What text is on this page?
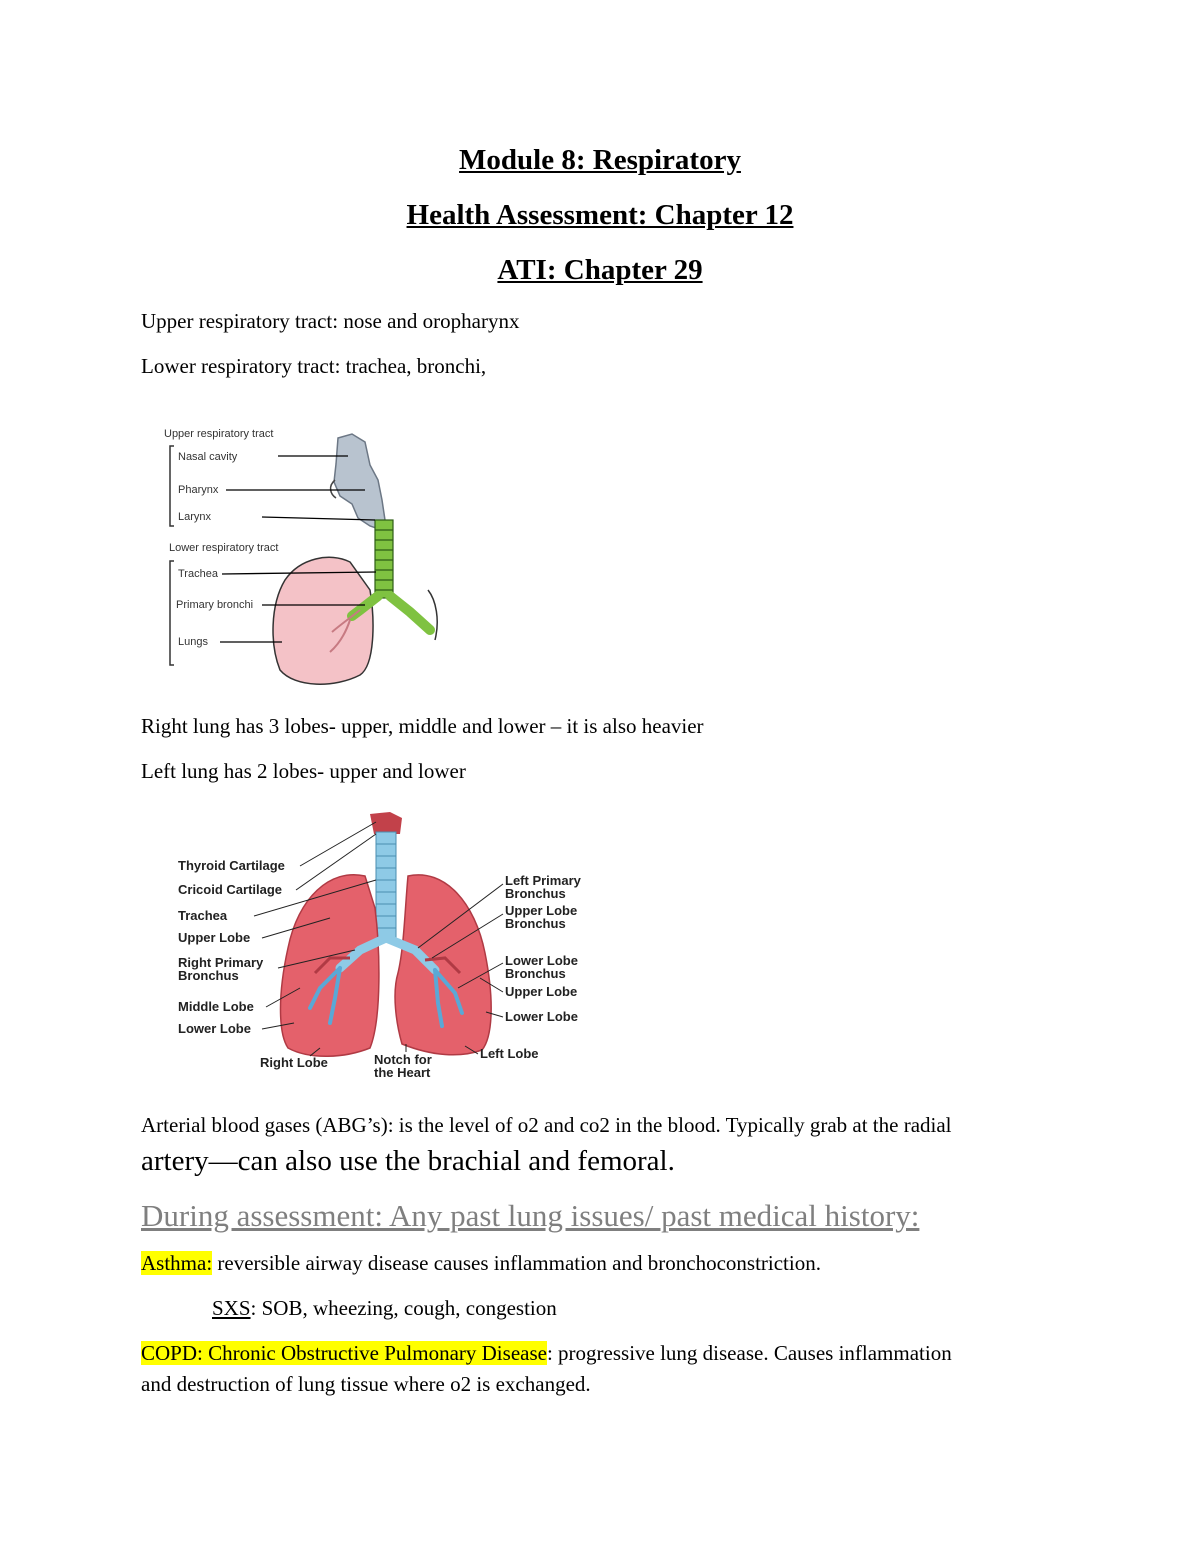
Module 8: Respiratory
Health Assessment: Chapter 12
ATI: Chapter 29
Upper respiratory tract: nose and oropharynx
Lower respiratory tract: trachea, bronchi,
Upper respiratory tract
Nasal cavity
Pharynx
Larynx
Lower respiratory tract
Trachea
Primary bronchi
Lungs
Right lung has 3 lobes- upper, middle and lower – it is also heavier
Left lung has 2 lobes- upper and lower
Thyroid Cartilage
Cricoid Cartilage
Trachea
Upper Lobe
Right Primary
Bronchus
Middle Lobe
Lower Lobe
Right Lobe	Notch for
the Heart
Left Lobe
Left Primary
Bronchus
Upper Lobe
Bronchus
Lower Lobe
Bronchus
Upper Lobe
Lower Lobe
Arterial blood gases (ABG’s): is the level of o2 and co2 in the blood. Typically grab at the radial
artery—can also use the brachial and femoral.
During assessment: Any past lung issues/ past medical history:
Asthma: reversible airway disease causes inflammation and bronchoconstriction.
SXS: SOB, wheezing, cough, congestion
COPD: Chronic Obstructive Pulmonary Disease: progressive lung disease. Causes inflammation
and destruction of lung tissue where o2 is exchanged.
